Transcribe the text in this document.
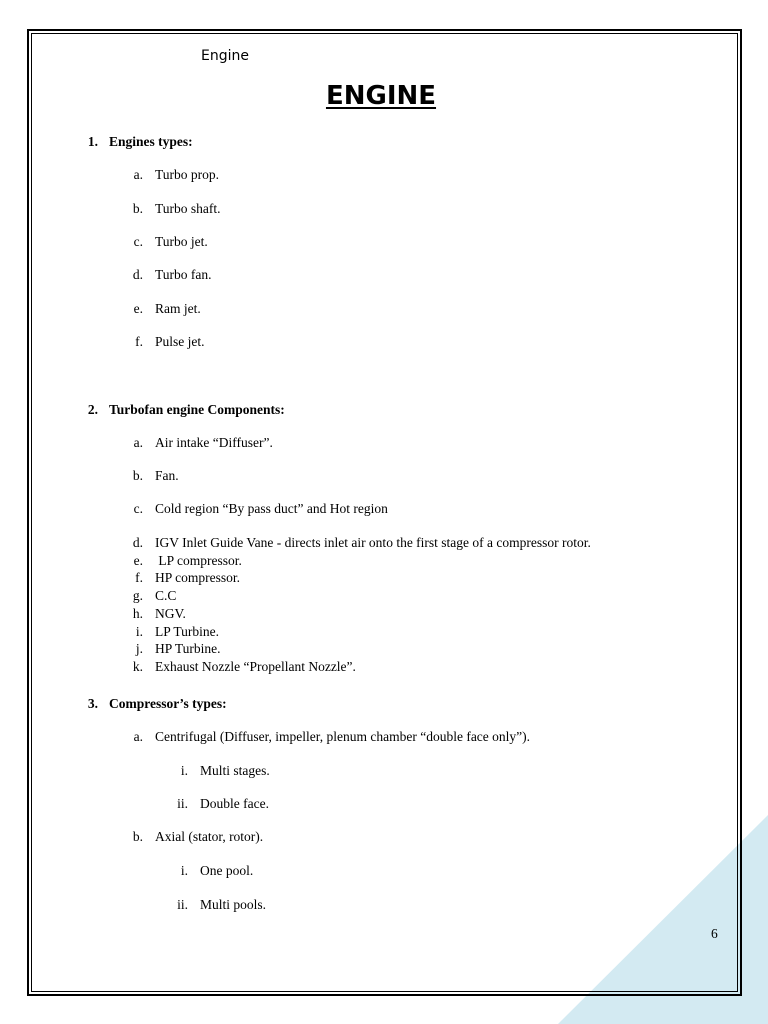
Engine
ENGINE
1. Engines types:
a. Turbo prop.
b. Turbo shaft.
c. Turbo jet.
d. Turbo fan.
e. Ram jet.
f. Pulse jet.
2. Turbofan engine Components:
a. Air intake “Diffuser”.
b. Fan.
c. Cold region “By pass duct” and Hot region
d. IGV Inlet Guide Vane - directs inlet air onto the first stage of a compressor rotor.
e. LP compressor.
f. HP compressor.
g. C.C
h. NGV.
i. LP Turbine.
j. HP Turbine.
k. Exhaust Nozzle “Propellant Nozzle”.
3. Compressor’s types:
a. Centrifugal (Diffuser, impeller, plenum chamber “double face only”).
i. Multi stages.
ii. Double face.
b. Axial (stator, rotor).
i. One pool.
ii. Multi pools.
6
